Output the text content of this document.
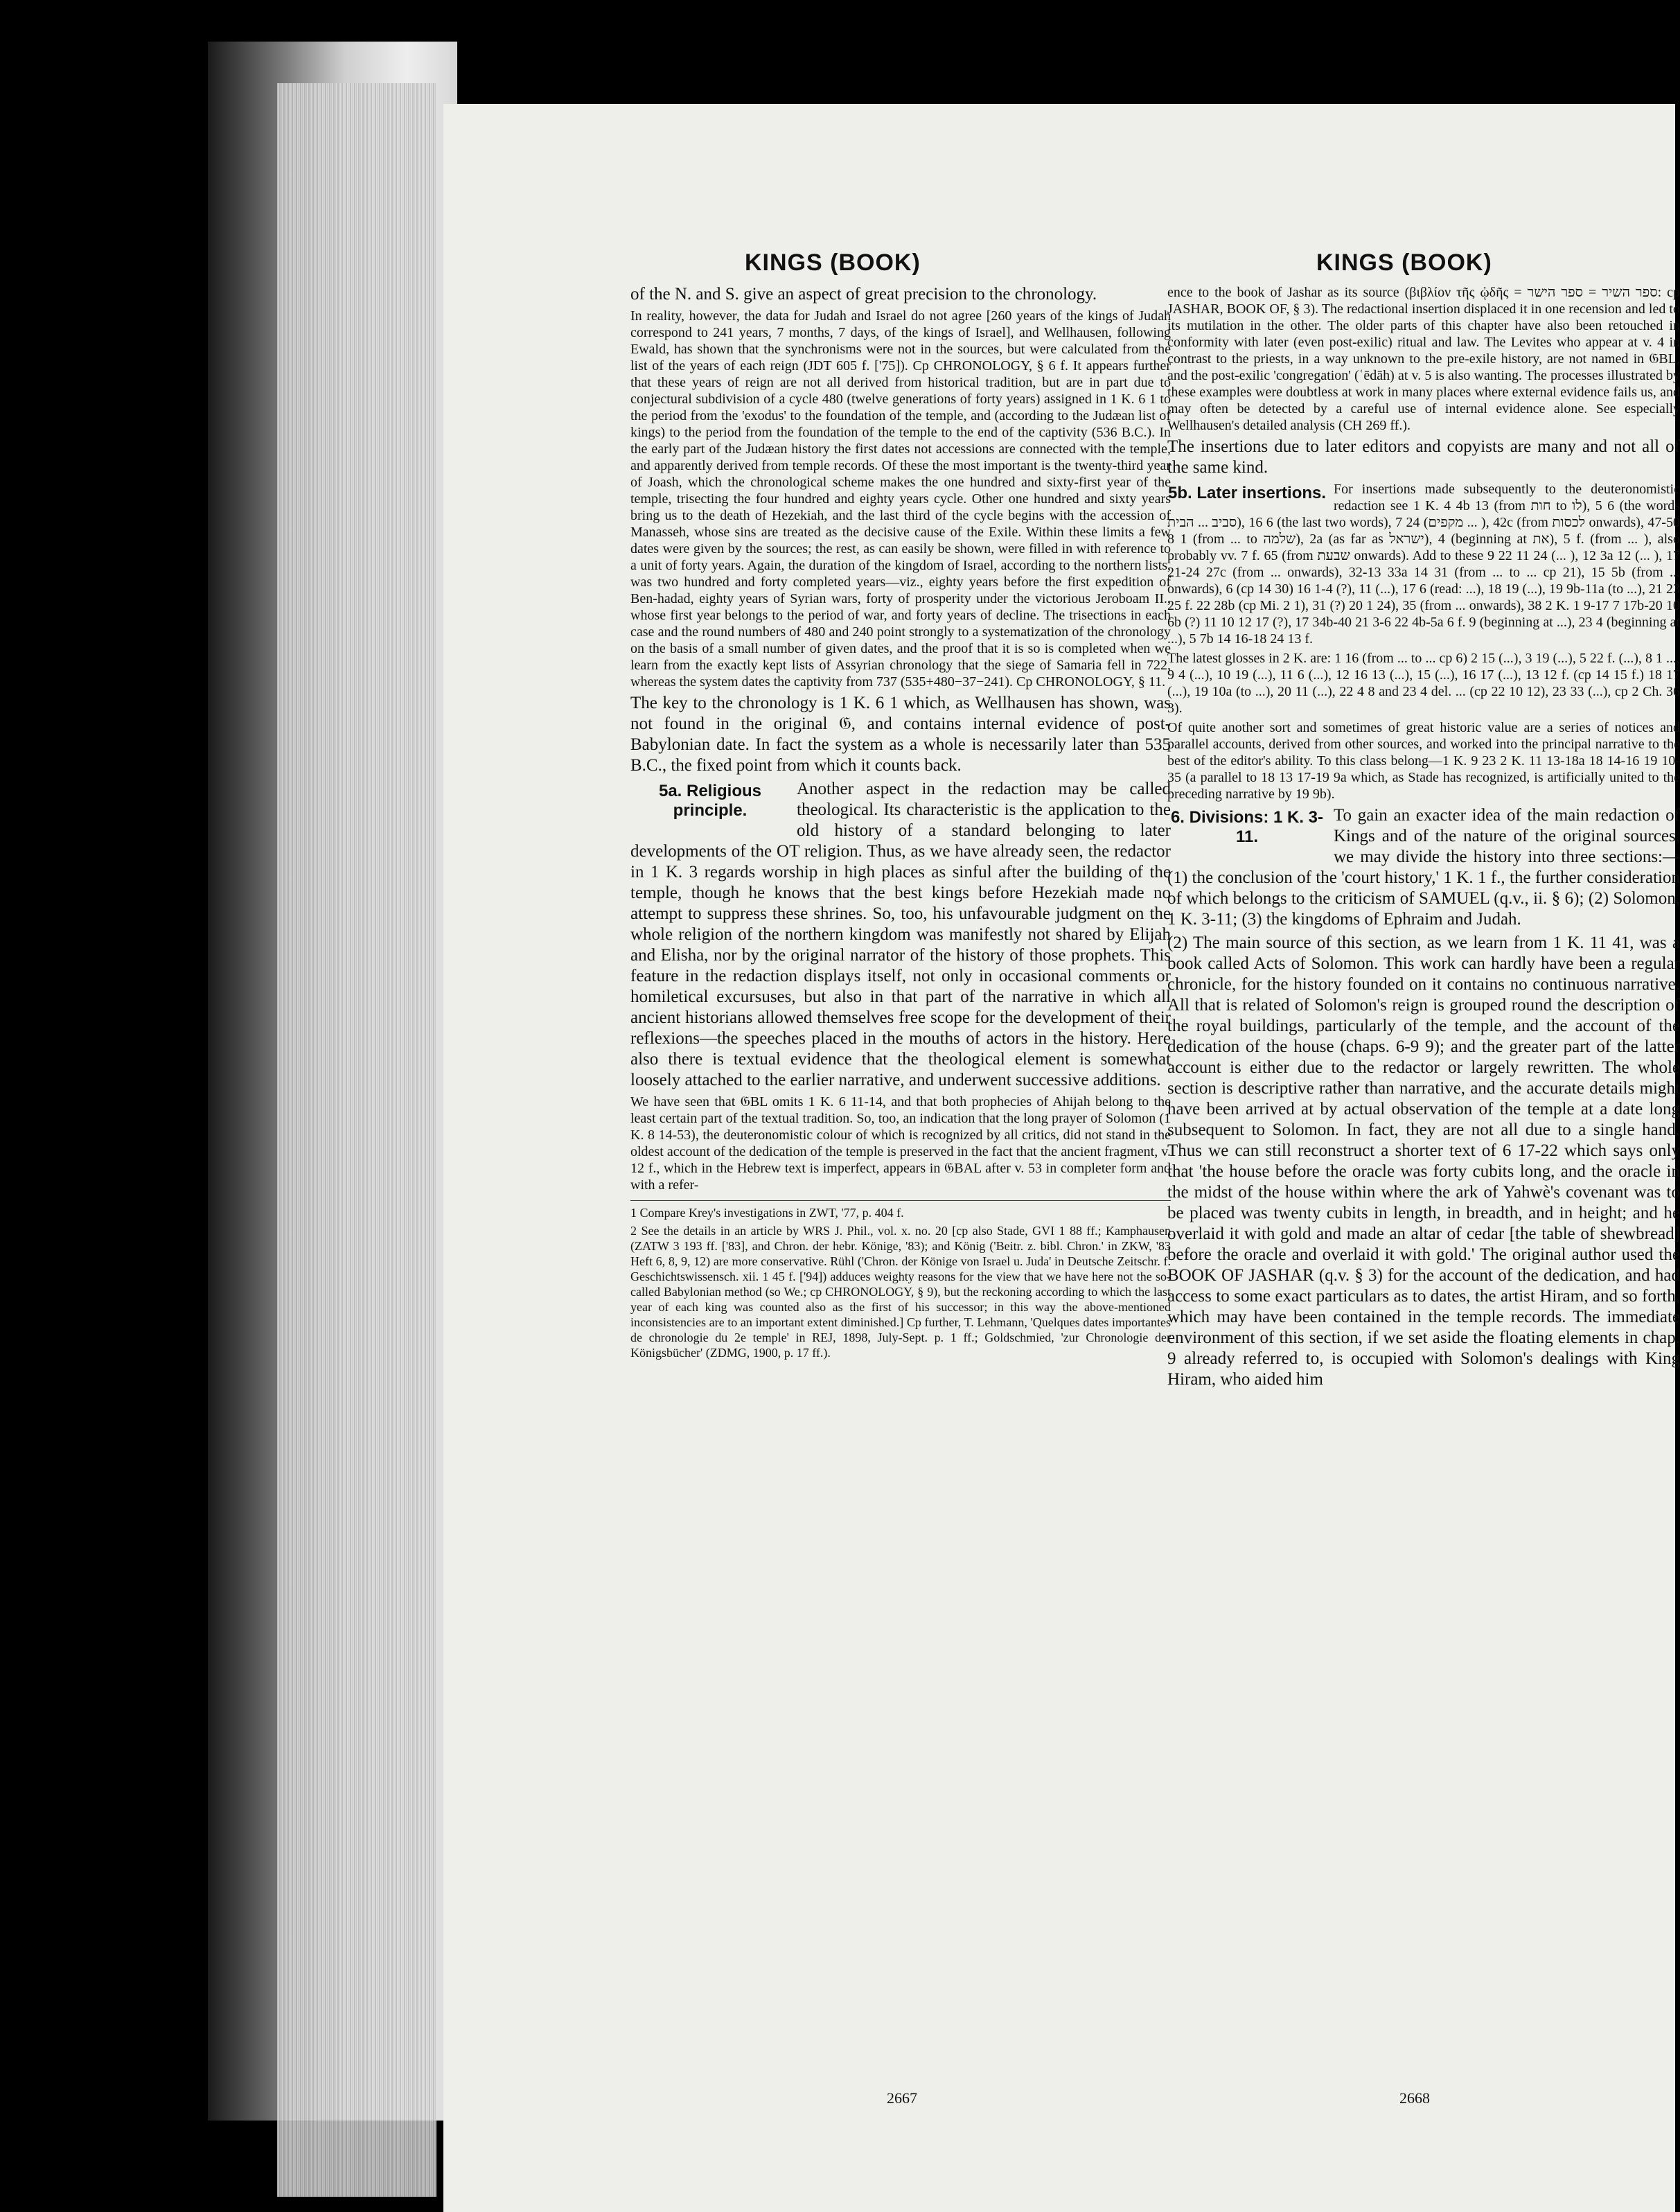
KINGS (BOOK)	KINGS (BOOK)

of the N. and S. give an aspect of great precision to the chronology.

In reality, however, the data for Judah and Israel do not agree [260 years of the kings of Judah correspond to 241 years, 7 months, 7 days, of the kings of Israel], and Wellhausen, following Ewald, has shown that the synchronisms were not in the sources, but were calculated from the list of the years of each reign (JDT 605 f. ['75]). Cp CHRONOLOGY, § 6 f. It appears further that these years of reign are not all derived from historical tradition, but are in part due to conjectural subdivision of a cycle 480 (twelve generations of forty years) assigned in 1 K. 6 1 to the period from the 'exodus' to the foundation of the temple, and (according to the Judæan list of kings) to the period from the foundation of the temple to the end of the captivity (536 B.C.). In the early part of the Judæan history the first dates not accessions are connected with the temple, and apparently derived from temple records. Of these the most important is the twenty-third year of Joash, which the chronological scheme makes the one hundred and sixty-first year of the temple, trisecting the four hundred and eighty years cycle. Other one hundred and sixty years bring us to the death of Hezekiah, and the last third of the cycle begins with the accession of Manasseh, whose sins are treated as the decisive cause of the Exile. Within these limits a few dates were given by the sources; the rest, as can easily be shown, were filled in with reference to a unit of forty years. Again, the duration of the kingdom of Israel, according to the northern lists, was two hundred and forty completed years—viz., eighty years before the first expedition of Ben-hadad, eighty years of Syrian wars, forty of prosperity under the victorious Jeroboam II., whose first year belongs to the period of war, and forty years of decline. The trisections in each case and the round numbers of 480 and 240 point strongly to a systematization of the chronology on the basis of a small number of given dates, and the proof that it is so is completed when we learn from the exactly kept lists of Assyrian chronology that the siege of Samaria fell in 722, whereas the system dates the captivity from 737 (535+480−37−241). Cp CHRONOLOGY, § 11.

The key to the chronology is 1 K. 6 1 which, as Wellhausen has shown, was not found in the original 𝔊, and contains internal evidence of post-Babylonian date. In fact the system as a whole is necessarily later than 535 B.C., the fixed point from which it counts back.

5a. Religious principle.

Another aspect in the redaction may be called theological. Its characteristic is the application to the old history of a standard belonging to later developments of the OT religion. Thus, as we have already seen, the redactor in 1 K. 3 regards worship in high places as sinful after the building of the temple, though he knows that the best kings before Hezekiah made no attempt to suppress these shrines. So, too, his unfavourable judgment on the whole religion of the northern kingdom was manifestly not shared by Elijah and Elisha, nor by the original narrator of the history of those prophets. This feature in the redaction displays itself, not only in occasional comments or homiletical excursuses, but also in that part of the narrative in which all ancient historians allowed themselves free scope for the development of their reflexions—the speeches placed in the mouths of actors in the history. Here also there is textual evidence that the theological element is somewhat loosely attached to the earlier narrative, and underwent successive additions.

We have seen that 𝔊BL omits 1 K. 6 11-14, and that both prophecies of Ahijah belong to the least certain part of the textual tradition. So, too, an indication that the long prayer of Solomon (1 K. 8 14-53), the deuteronomistic colour of which is recognized by all critics, did not stand in the oldest account of the dedication of the temple is preserved in the fact that the ancient fragment, v. 12 f., which in the Hebrew text is imperfect, appears in 𝔊BAL after v. 53 in completer form and with a refer-

1 Compare Krey's investigations in ZWT, '77, p. 404 f.

2 See the details in an article by WRS J. Phil., vol. x. no. 20 [cp also Stade, GVI 1 88 ff.; Kamphausen (ZATW 3 193 ff. ['83], and Chron. der hebr. Könige, '83); and König ('Beitr. z. bibl. Chron.' in ZKW, '83 Heft 6, 8, 9, 12) are more conservative. Rühl ('Chron. der Könige von Israel u. Juda' in Deutsche Zeitschr. f. Geschichtswissensch. xii. 1 45 f. ['94]) adduces weighty reasons for the view that we have here not the so-called Babylonian method (so We.; cp CHRONOLOGY, § 9), but the reckoning according to which the last year of each king was counted also as the first of his successor; in this way the above-mentioned inconsistencies are to an important extent diminished.] Cp further, T. Lehmann, 'Quelques dates importantes de chronologie du 2e temple' in REJ, 1898, July-Sept. p. 1 ff.; Goldschmied, 'zur Chronologie der Königsbücher' (ZDMG, 1900, p. 17 ff.).

ence to the book of Jashar as its source (βιβλίον τῆς ᾠδῆς = ספר השיר = ספר הישר: cp JASHAR, BOOK OF, § 3). The redactional insertion displaced it in one recension and led to its mutilation in the other. The older parts of this chapter have also been retouched in conformity with later (even post-exilic) ritual and law. The Levites who appear at v. 4 in contrast to the priests, in a way unknown to the pre-exile history, are not named in 𝔊BL, and the post-exilic 'congregation' (ʿēdāh) at v. 5 is also wanting. The processes illustrated by these examples were doubtless at work in many places where external evidence fails us, and may often be detected by a careful use of internal evidence alone. See especially Wellhausen's detailed analysis (CH 269 ff.).

The insertions due to later editors and copyists are many and not all of the same kind.

5b. Later insertions. For insertions made subsequently to the deuteronomistic redaction see 1 K. 4 4b 13 (from חות to לו), 6 5 (the words סביב ... הבית), 6 16 (the last two words), 7 24 (מקפים ... ), 42c (from לכסות onwards), 47-50 8 1 (from ... to שלמה), 2a (as far as ישראל), 4 (beginning at את), 5 f. (from ... ), also probably vv. 7 f. 65 (from שבעת onwards). Add to these 9 22 11 24 (... ), 12 3a 12 (... ), 17 21-24 27c (from ... onwards), 32-13 33a 14 31 (from ... to ... cp 21), 15 5b (from ... onwards), 6 (cp 14 30) 16 1-4 (?), 11 (...), 17 6 (read: ...), 18 19 (...), 19 9b-11a (to ...), 21 23 25 f. 22 28b (cp Mi. 2 1), 31 (?) 20 1 24), 35 (from ... onwards), 38 2 K. 1 9-17 7 17b-20 10 6b (?) 11 10 12 17 (?), 17 34b-40 21 3-6 22 4b-5a 6 f. 9 (beginning at ...), 23 4 (beginning at ...), 5 7b 14 16-18 24 13 f.

The latest glosses in 2 K. are: 1 16 (from ... to ... cp 6) 2 15 (...), 3 19 (...), 5 22 f. (...), 8 1 ..., 9 4 (...), 10 19 (...), 11 6 (...), 12 16 13 (...), 15 (...), 16 17 (...), 13 12 f. (cp 14 15 f.) 18 17 (...), 19 10a (to ...), 20 11 (...), 22 4 8 and 23 4 del. ... (cp 22 10 12), 23 33 (...), cp 2 Ch. 36 3).

Of quite another sort and sometimes of great historic value are a series of notices and parallel accounts, derived from other sources, and worked into the principal narrative to the best of the editor's ability. To this class belong—1 K. 9 23 2 K. 11 13-18a 18 14-16 19 10-35 (a parallel to 18 13 17-19 9a which, as Stade has recognized, is artificially united to the preceding narrative by 19 9b).

6. Divisions: 1 K. 3-11.

To gain an exacter idea of the main redaction of Kings and of the nature of the original sources, we may divide the history into three sections:—(1) the conclusion of the 'court history,' 1 K. 1 f., the further consideration of which belongs to the criticism of SAMUEL (q.v., ii. § 6); (2) Solomon, 1 K. 3-11; (3) the kingdoms of Ephraim and Judah.

(2) The main source of this section, as we learn from 1 K. 11 41, was a book called Acts of Solomon. This work can hardly have been a regular chronicle, for the history founded on it contains no continuous narrative. All that is related of Solomon's reign is grouped round the description of the royal buildings, particularly of the temple, and the account of the dedication of the house (chaps. 6-9 9); and the greater part of the latter account is either due to the redactor or largely rewritten. The whole section is descriptive rather than narrative, and the accurate details might have been arrived at by actual observation of the temple at a date long subsequent to Solomon. In fact, they are not all due to a single hand. Thus we can still reconstruct a shorter text of 6 17-22 which says only that 'the house before the oracle was forty cubits long, and the oracle in the midst of the house within where the ark of Yahwè's covenant was to be placed was twenty cubits in length, in breadth, and in height; and he overlaid it with gold and made an altar of cedar [the table of shewbread] before the oracle and overlaid it with gold.' The original author used the BOOK OF JASHAR (q.v. § 3) for the account of the dedication, and had access to some exact particulars as to dates, the artist Hiram, and so forth, which may have been contained in the temple records. The immediate environment of this section, if we set aside the floating elements in chap. 9 already referred to, is occupied with Solomon's dealings with King Hiram, who aided him

2667	2668
